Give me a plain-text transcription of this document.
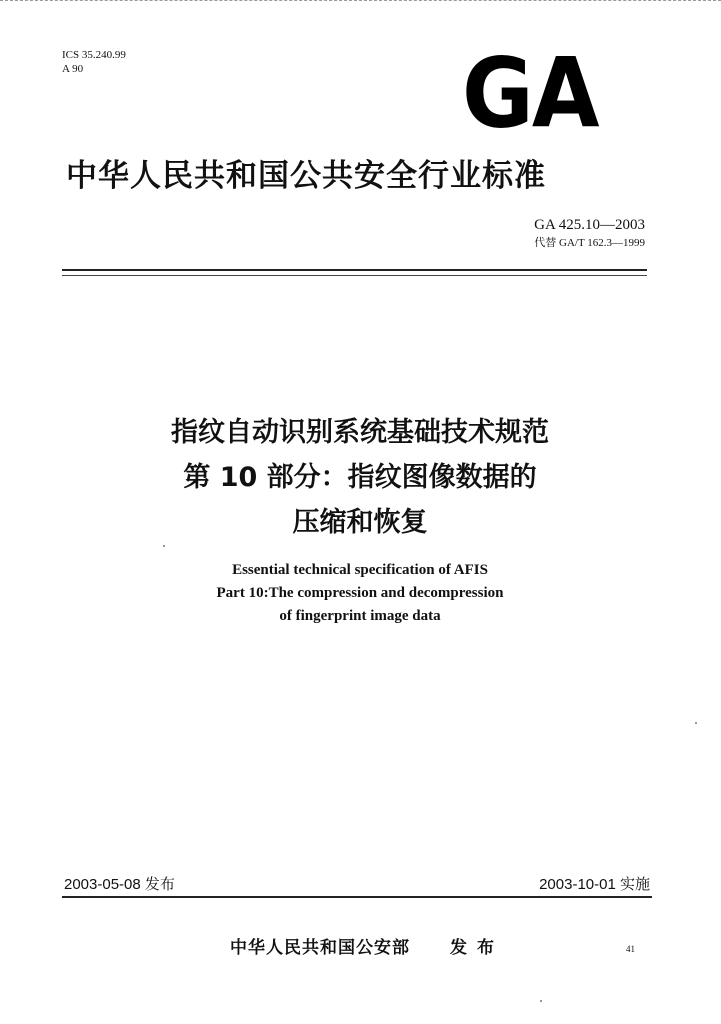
ICS 35.240.99
A 90	GA
中华人民共和国公共安全行业标准
GA 425.10—2003
代替 GA/T 162.3—1999
指纹自动识别系统基础技术规范
第 10 部分：指纹图像数据的
压缩和恢复
Essential technical specification of AFIS
Part 10:The compression and decompression
of fingerprint image data
2003-05-08 发布	2003-10-01 实施
中华人民共和国公安部 发布	41
